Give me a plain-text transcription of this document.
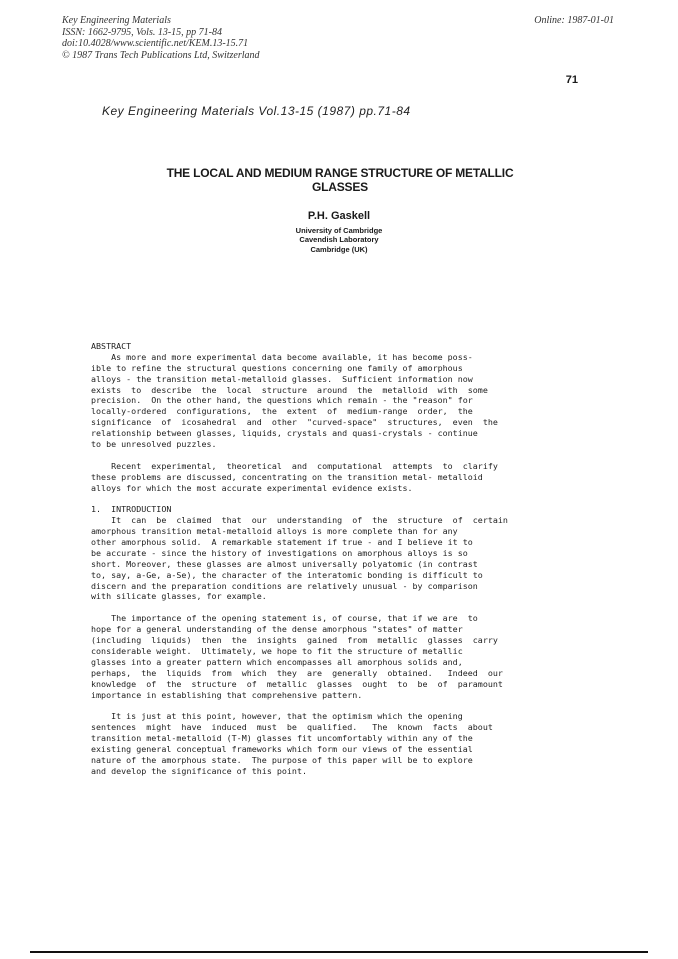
Key Engineering Materials
ISSN: 1662-9795, Vols. 13-15, pp 71-84
doi:10.4028/www.scientific.net/KEM.13-15.71
© 1987 Trans Tech Publications Ltd, Switzerland
Online: 1987-01-01
71
Key Engineering Materials Vol.13-15 (1987) pp.71-84
THE LOCAL AND MEDIUM RANGE STRUCTURE OF METALLIC
GLASSES
P.H. Gaskell
University of Cambridge
Cavendish Laboratory
Cambridge (UK)
ABSTRACT
As more and more experimental data become available, it has become poss-
ible to refine the structural questions concerning one family of amorphous
alloys - the transition metal-metalloid glasses.  Sufficient information now
exists  to  describe  the  local  structure  around  the  metalloid  with  some
precision.  On the other hand, the questions which remain - the "reason" for
locally-ordered  configurations,  the  extent  of  medium-range  order,  the
significance  of  icosahedral  and  other  "curved-space"  structures,  even  the
relationship between glasses, liquids, crystals and quasi-crystals - continue
to be unresolved puzzles.
Recent  experimental,  theoretical  and  computational  attempts  to  clarify
these problems are discussed, concentrating on the transition metal- metalloid
alloys for which the most accurate experimental evidence exists.
1.  INTRODUCTION
It  can  be  claimed  that  our  understanding  of  the  structure  of  certain
amorphous transition metal-metalloid alloys is more complete than for any
other amorphous solid.  A remarkable statement if true - and I believe it to
be accurate - since the history of investigations on amorphous alloys is so
short. Moreover, these glasses are almost universally polyatomic (in contrast
to, say, a-Ge, a-Se), the character of the interatomic bonding is difficult to
discern and the preparation conditions are relatively unusual - by comparison
with silicate glasses, for example.
The importance of the opening statement is, of course, that if we are  to
hope for a general understanding of the dense amorphous "states" of matter
(including  liquids)  then  the  insights  gained  from  metallic  glasses  carry
considerable weight.  Ultimately, we hope to fit the structure of metallic
glasses into a greater pattern which encompasses all amorphous solids and,
perhaps,  the  liquids  from  which  they  are  generally  obtained.   Indeed  our
knowledge  of  the  structure  of  metallic  glasses  ought  to  be  of  paramount
importance in establishing that comprehensive pattern.
It is just at this point, however, that the optimism which the opening
sentences  might  have  induced  must  be  qualified.   The  known  facts  about
transition metal-metalloid (T-M) glasses fit uncomfortably within any of the
existing general conceptual frameworks which form our views of the essential
nature of the amorphous state.  The purpose of this paper will be to explore
and develop the significance of this point.
